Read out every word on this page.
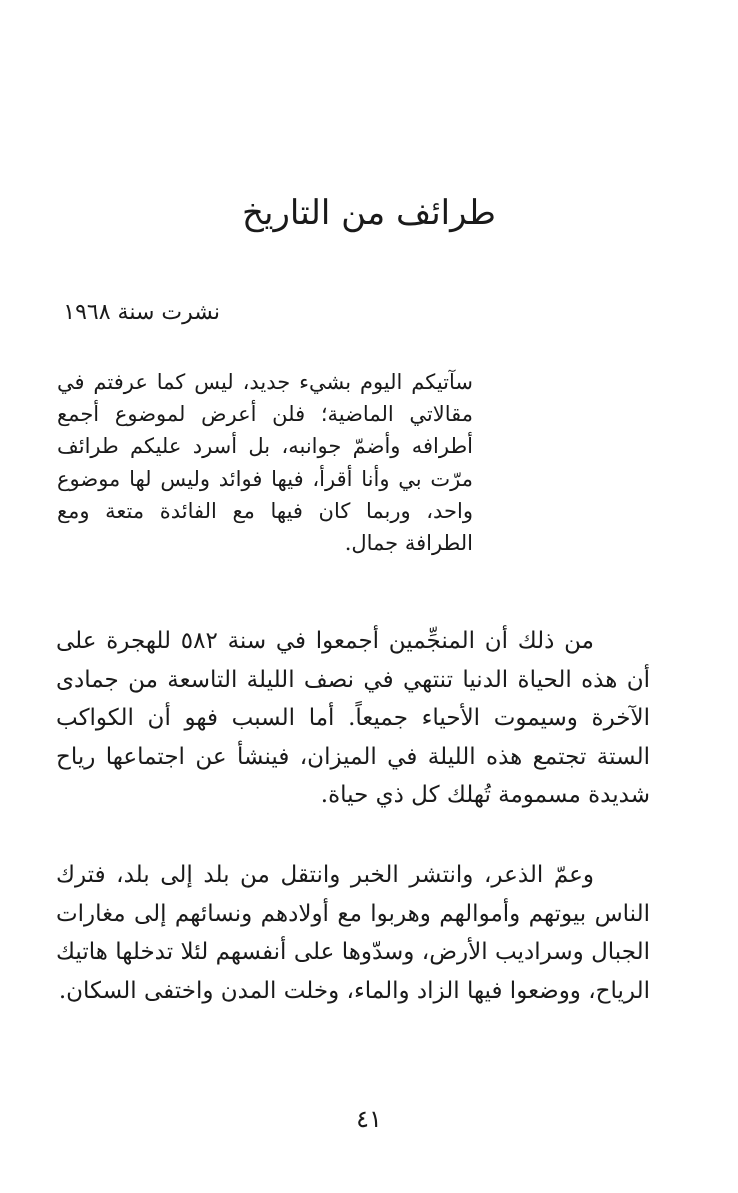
طرائف من التاريخ

نشرت سنة ١٩٦٨

سآتيكم اليوم بشيء جديد، ليس كما عرفتم في مقالاتي الماضية؛ فلن أعرض لموضوع أجمع أطرافه وأضمّ جوانبه، بل أسرد عليكم طرائف مرّت بي وأنا أقرأ، فيها فوائد وليس لها موضوع واحد، وربما كان فيها مع الفائدة متعة ومع الطرافة جمال.

من ذلك أن المنجِّمين أجمعوا في سنة ٥٨٢ للهجرة على أن هذه الحياة الدنيا تنتهي في نصف الليلة التاسعة من جمادى الآخرة وسيموت الأحياء جميعاً. أما السبب فهو أن الكواكب الستة تجتمع هذه الليلة في الميزان، فينشأ عن اجتماعها رياح شديدة مسمومة تُهلك كل ذي حياة.

وعمّ الذعر، وانتشر الخبر وانتقل من بلد إلى بلد، فترك الناس بيوتهم وأموالهم وهربوا مع أولادهم ونسائهم إلى مغارات الجبال وسراديب الأرض، وسدّوها على أنفسهم لئلا تدخلها هاتيك الرياح، ووضعوا فيها الزاد والماء، وخلت المدن واختفى السكان.

٤١
